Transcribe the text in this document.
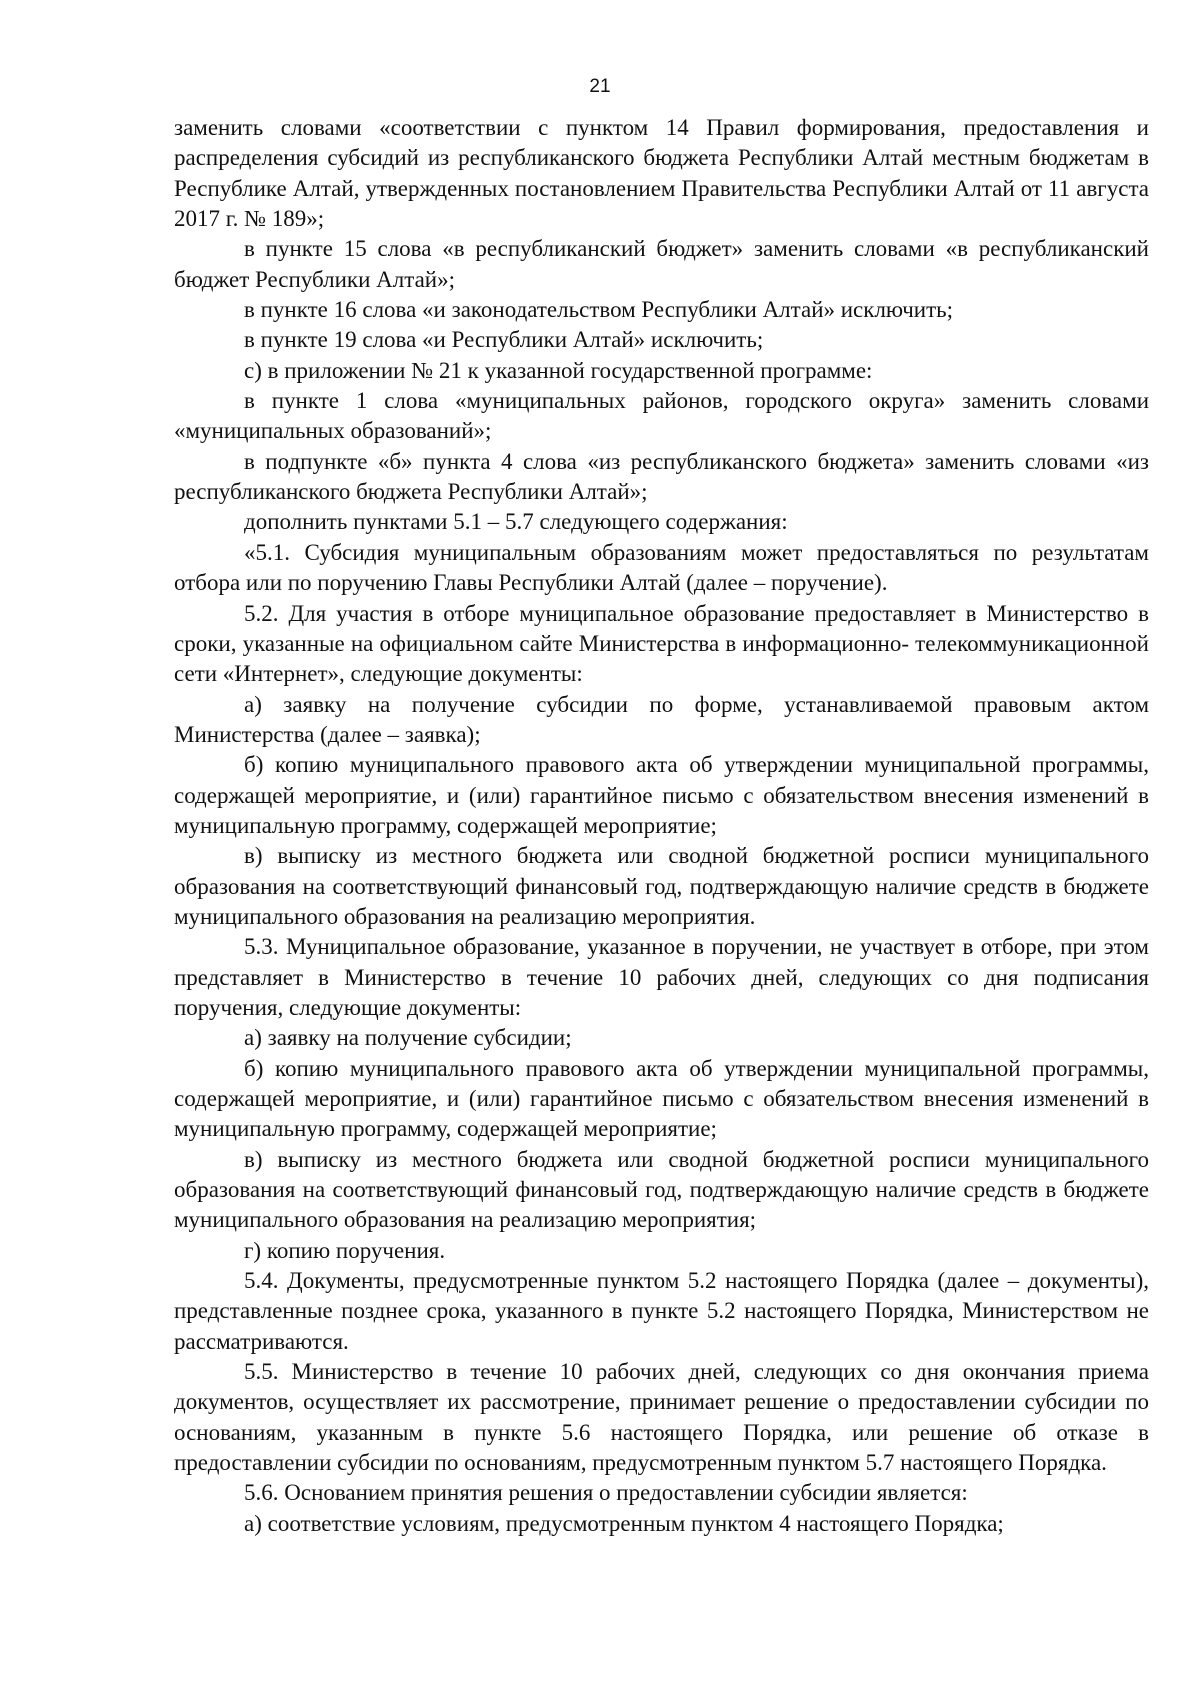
21

заменить словами «соответствии с пунктом 14 Правил формирования, предоставления и распределения субсидий из республиканского бюджета Республики Алтай местным бюджетам в Республике Алтай, утвержденных постановлением Правительства Республики Алтай от 11 августа 2017 г. № 189»;

в пункте 15 слова «в республиканский бюджет» заменить словами «в республиканский бюджет Республики Алтай»;

в пункте 16 слова «и законодательством Республики Алтай» исключить;

в пункте 19 слова «и Республики Алтай» исключить;

с) в приложении № 21 к указанной государственной программе:

в пункте 1 слова «муниципальных районов, городского округа» заменить словами «муниципальных образований»;

в подпункте «б» пункта 4 слова «из республиканского бюджета» заменить словами «из республиканского бюджета Республики Алтай»;

дополнить пунктами 5.1 – 5.7 следующего содержания:

«5.1. Субсидия муниципальным образованиям может предоставляться по результатам отбора или по поручению Главы Республики Алтай (далее – поручение).

5.2. Для участия в отборе муниципальное образование предоставляет в Министерство в сроки, указанные на официальном сайте Министерства в информационно- телекоммуникационной сети «Интернет», следующие документы:

а) заявку на получение субсидии по форме, устанавливаемой правовым актом Министерства (далее – заявка);

б) копию муниципального правового акта об утверждении муниципальной программы, содержащей мероприятие, и (или) гарантийное письмо с обязательством внесения изменений в муниципальную программу, содержащей мероприятие;

в) выписку из местного бюджета или сводной бюджетной росписи муниципального образования на соответствующий финансовый год, подтверждающую наличие средств в бюджете муниципального образования на реализацию мероприятия.

5.3. Муниципальное образование, указанное в поручении, не участвует в отборе, при этом представляет в Министерство в течение 10 рабочих дней, следующих со дня подписания поручения, следующие документы:

а) заявку на получение субсидии;

б) копию муниципального правового акта об утверждении муниципальной программы, содержащей мероприятие, и (или) гарантийное письмо с обязательством внесения изменений в муниципальную программу, содержащей мероприятие;

в) выписку из местного бюджета или сводной бюджетной росписи муниципального образования на соответствующий финансовый год, подтверждающую наличие средств в бюджете муниципального образования на реализацию мероприятия;

г) копию поручения.

5.4. Документы, предусмотренные пунктом 5.2 настоящего Порядка (далее – документы), представленные позднее срока, указанного в пункте 5.2 настоящего Порядка, Министерством не рассматриваются.

5.5. Министерство в течение 10 рабочих дней, следующих со дня окончания приема документов, осуществляет их рассмотрение, принимает решение о предоставлении субсидии по основаниям, указанным в пункте 5.6 настоящего Порядка, или решение об отказе в предоставлении субсидии по основаниям, предусмотренным пунктом 5.7 настоящего Порядка.

5.6. Основанием принятия решения о предоставлении субсидии является:

а) соответствие условиям, предусмотренным пунктом 4 настоящего Порядка;
